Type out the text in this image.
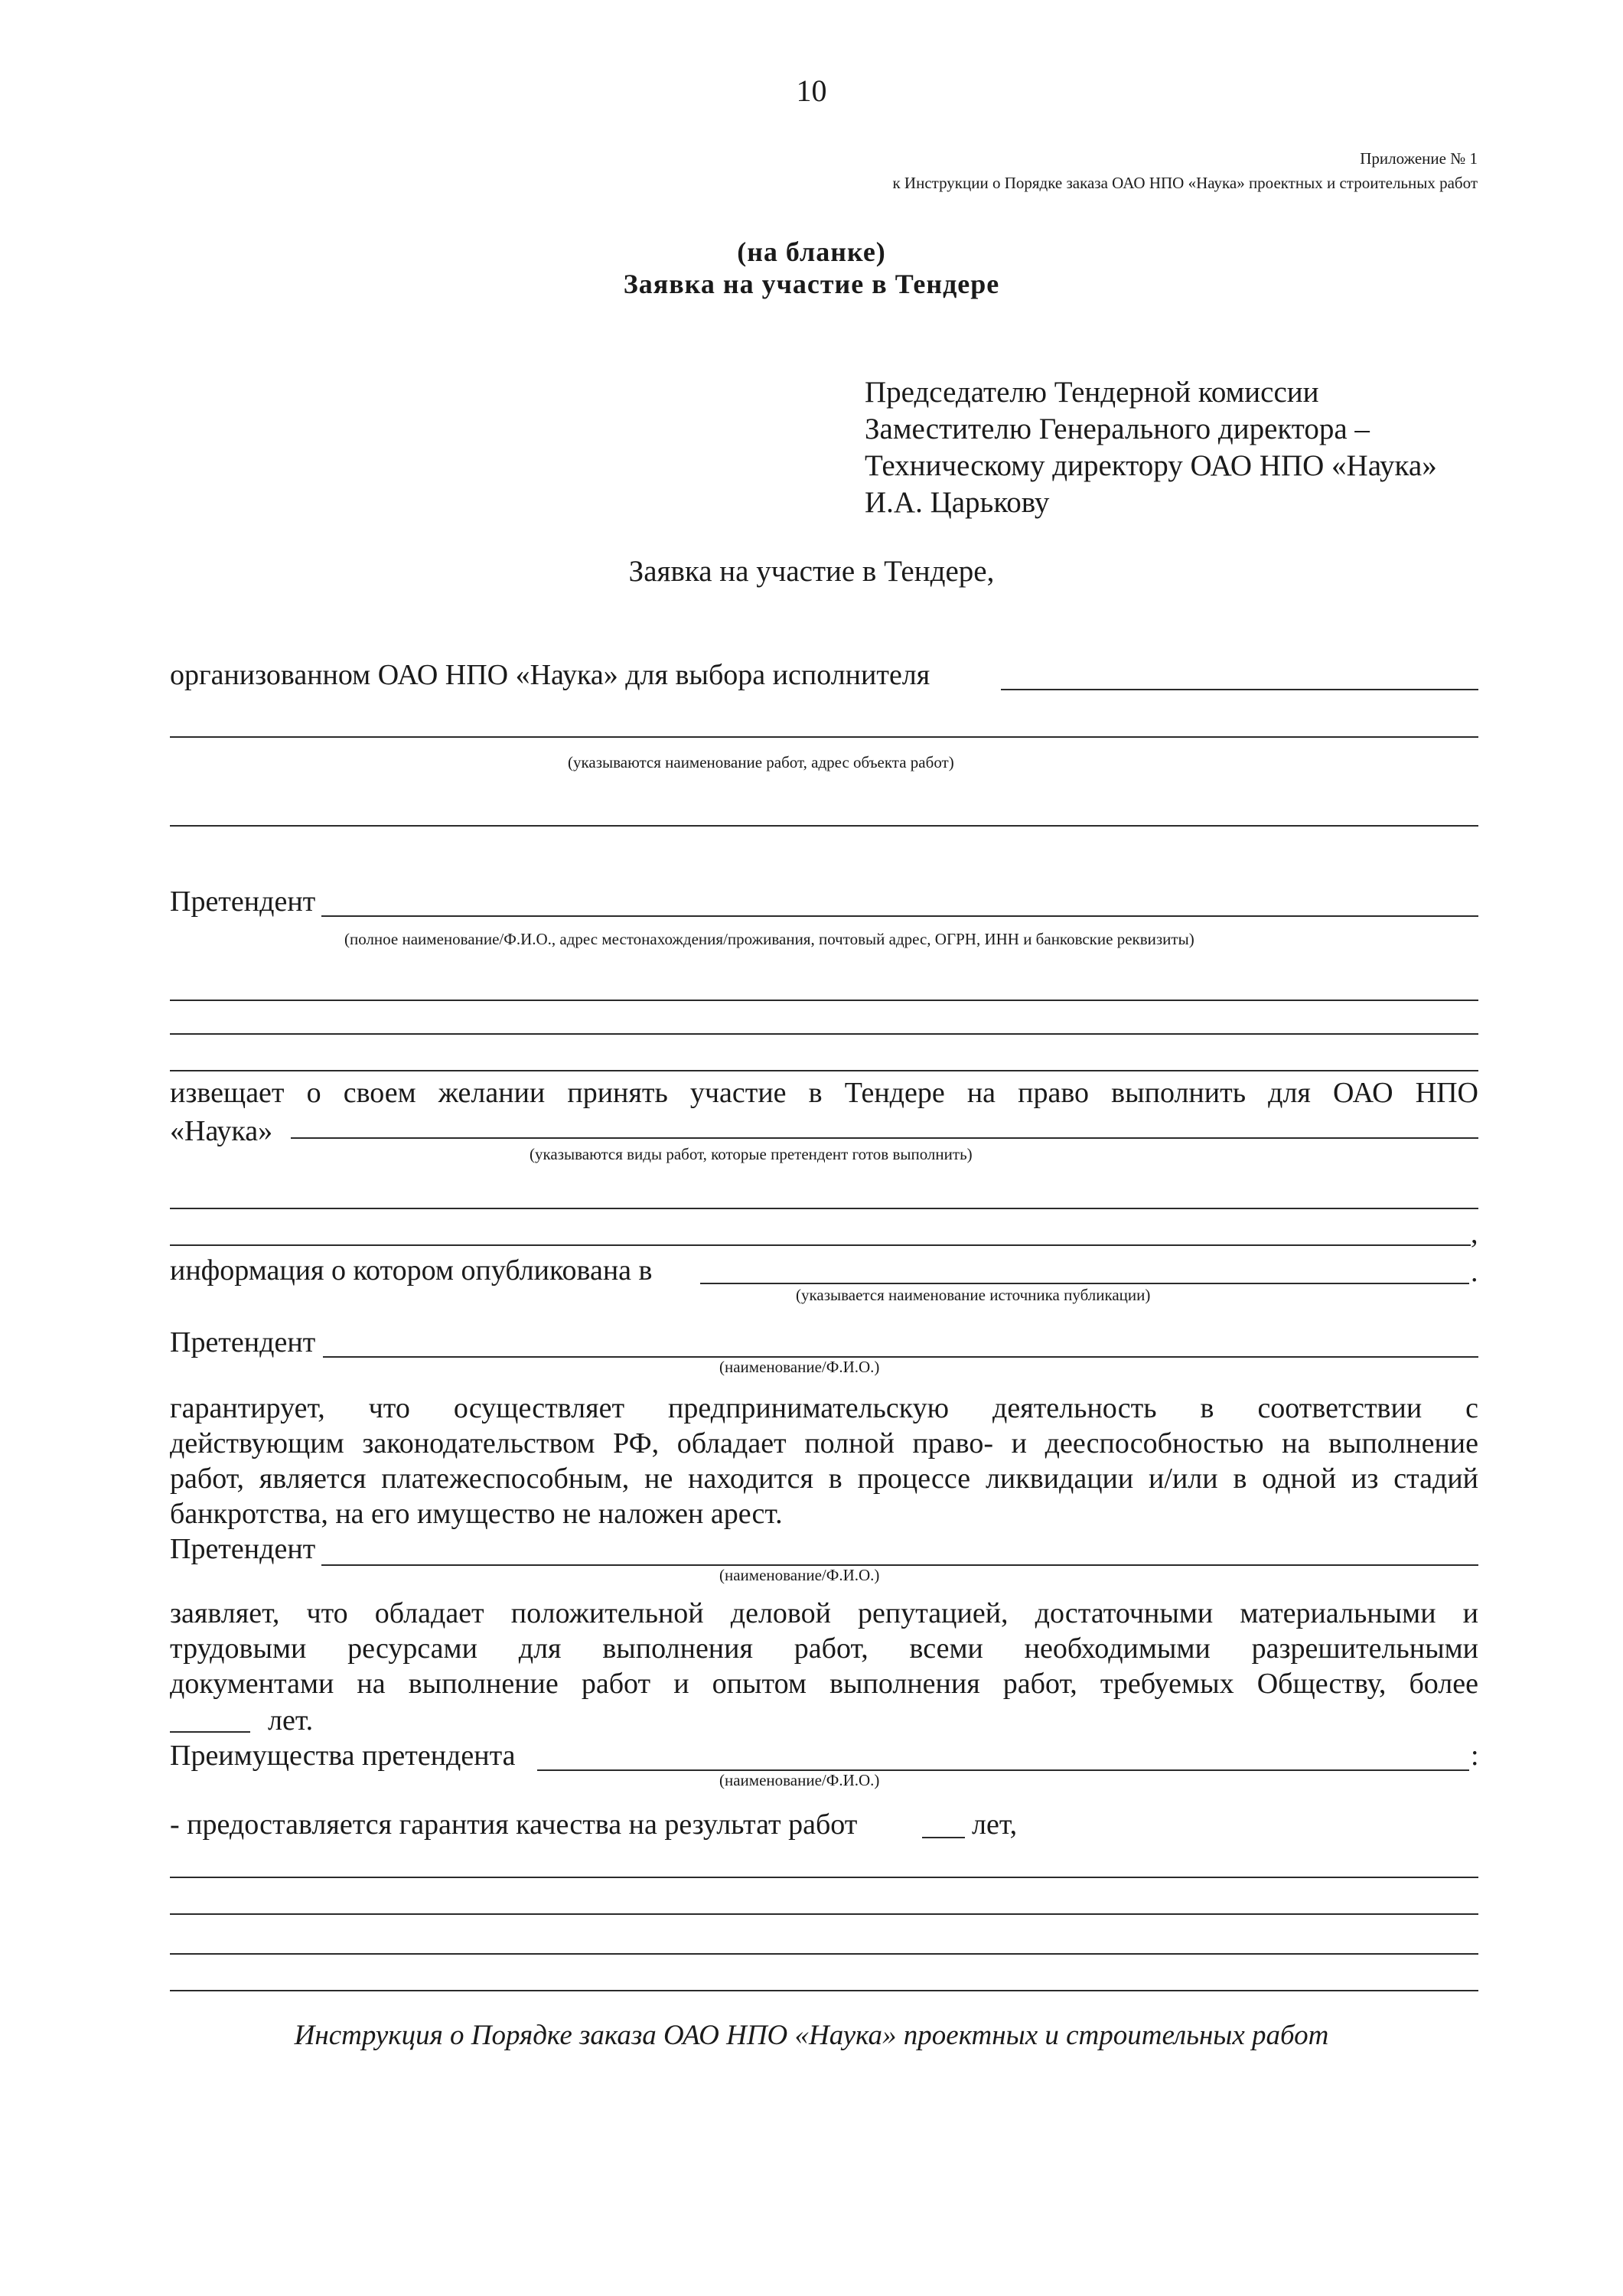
10
Приложение № 1
к Инструкции о Порядке заказа ОАО НПО «Наука» проектных и строительных работ
(на бланке)
Заявка на участие в Тендере
Председателю Тендерной комиссии
Заместителю Генерального директора –
Техническому директору ОАО НПО «Наука»
И.А. Царькову
Заявка на участие в Тендере,
организованном ОАО НПО «Наука» для выбора исполнителя
(указываются наименование работ, адрес объекта работ)
Претендент
(полное наименование/Ф.И.О., адрес местонахождения/проживания, почтовый адрес, ОГРН, ИНН и банковские реквизиты)
извещает о своем желании принять участие в Тендере на право выполнить для ОАО НПО
«Наука»
(указываются виды работ, которые претендент готов выполнить)
,
информация о котором опубликована в	.
(указывается наименование источника публикации)
Претендент
(наименование/Ф.И.О.)
гарантирует, что осуществляет предпринимательскую деятельность в соответствии с
действующим законодательством РФ, обладает полной право- и дееспособностью на выполнение
работ, является платежеспособным, не находится в процессе ликвидации и/или в одной из стадий
банкротства, на его имущество не наложен арест.
Претендент
(наименование/Ф.И.О.)
заявляет, что обладает положительной деловой репутацией, достаточными материальными и
трудовыми ресурсами для выполнения работ, всеми необходимыми разрешительными
документами на выполнение работ и опытом выполнения работ, требуемых Обществу, более
лет.
Преимущества претендента	:
(наименование/Ф.И.О.)
- предоставляется гарантия качества на результат работ	лет,
Инструкция о Порядке заказа ОАО НПО «Наука» проектных и строительных работ
